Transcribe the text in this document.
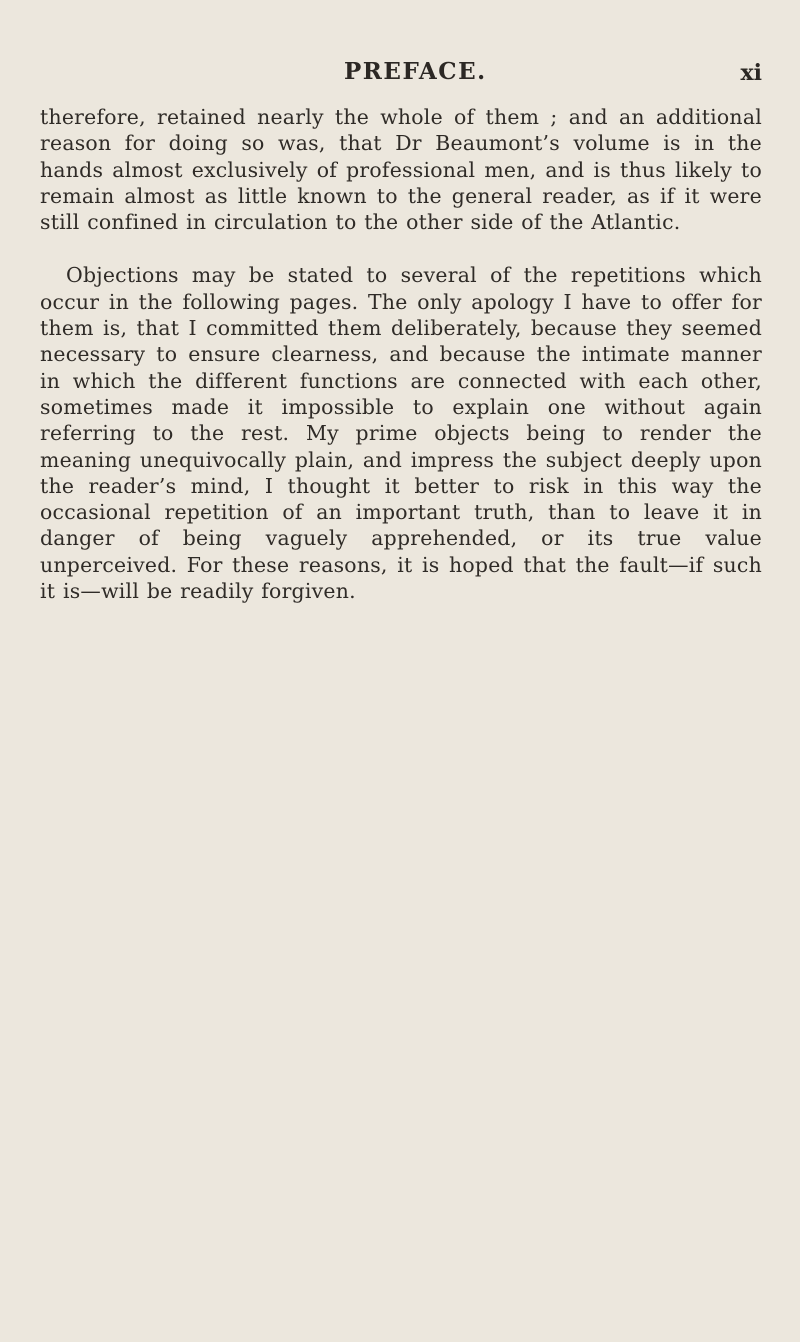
PREFACE.	xi

therefore, retained nearly the whole of them ; and an additional reason for doing so was, that Dr Beaumont’s volume is in the hands almost exclusively of professional men, and is thus likely to remain almost as little known to the general reader, as if it were still confined in circulation to the other side of the Atlantic.

Objections may be stated to several of the repetitions which occur in the following pages. The only apology I have to offer for them is, that I committed them deliberately, because they seemed necessary to ensure clearness, and because the intimate manner in which the different functions are connected with each other, sometimes made it impossible to explain one without again referring to the rest. My prime objects being to render the meaning unequivocally plain, and impress the subject deeply upon the reader’s mind, I thought it better to risk in this way the occasional repetition of an important truth, than to leave it in danger of being vaguely apprehended, or its true value unperceived. For these reasons, it is hoped that the fault—if such it is—will be readily forgiven.
